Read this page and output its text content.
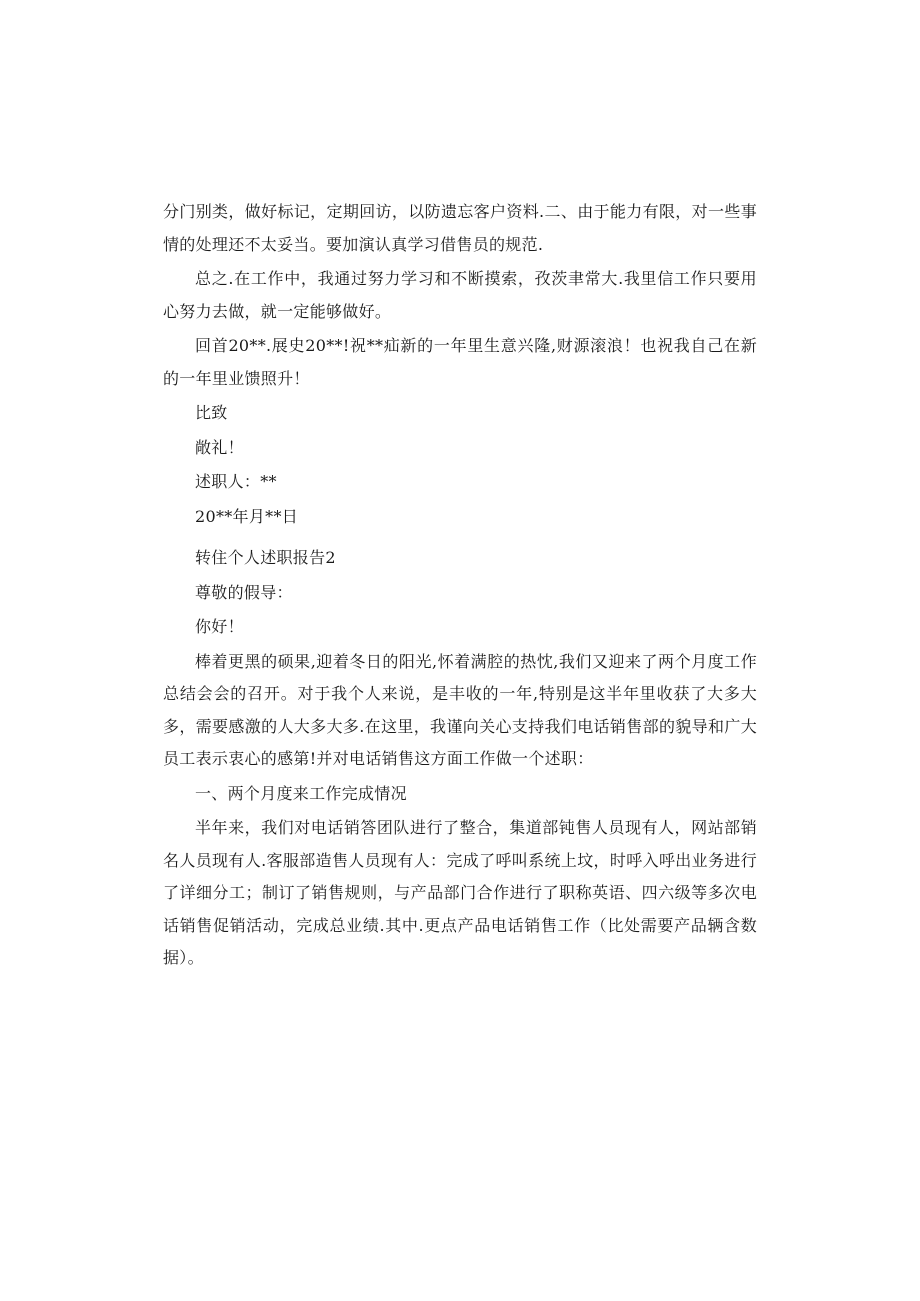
分门别类，做好标记，定期回访，以防遗忘客户资料.二、由于能力有限，对一些事情的处理还不太妥当。要加演认真学习借售员的规范.

总之.在工作中，我通过努力学习和不断摸索，孜茨聿常大.我里信工作只要用心努力去做，就一定能够做好。

回首20**.展史20**!祝**疝新的一年里生意兴隆,财源滚浪！也祝我自己在新的一年里业馈照升！

比致

敞礼！

述职人：**

20**年月**日

转住个人述职报告2

尊敬的假导：

你好！

棒着更黑的硕果,迎着冬日的阳光,怀着满腔的热忱,我们又迎来了两个月度工作总结会会的召开。对于我个人来说，是丰收的一年,特别是这半年里收获了大多大多，需要感激的人大多大多.在这里，我谨向关心支持我们电话销售部的貌导和广大员工表示衷心的感第!并对电话销售这方面工作做一个述职：

一、两个月度来工作完成情况

半年来，我们对电话销答团队进行了整合，集道部钝售人员现有人，网站部销名人员现有人.客服部造售人员现有人：完成了呼叫系统上坟，时呼入呼出业务进行了详细分工；制订了销售规则，与产品部门合作进行了职称英语、四六级等多次电话销售促销活动，完成总业绩.其中.更点产品电话销售工作（比处需要产品辆含数据）。
